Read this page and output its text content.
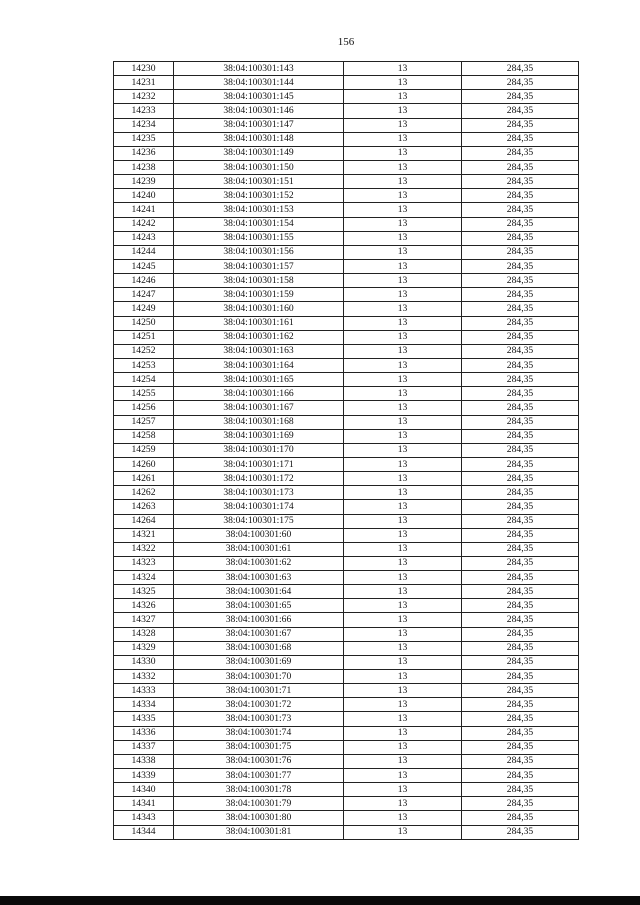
156
14230	38:04:100301:143	13	284,35
14231	38:04:100301:144	13	284,35
14232	38:04:100301:145	13	284,35
14233	38:04:100301:146	13	284,35
14234	38:04:100301:147	13	284,35
14235	38:04:100301:148	13	284,35
14236	38:04:100301:149	13	284,35
14238	38:04:100301:150	13	284,35
14239	38:04:100301:151	13	284,35
14240	38:04:100301:152	13	284,35
14241	38:04:100301:153	13	284,35
14242	38:04:100301:154	13	284,35
14243	38:04:100301:155	13	284,35
14244	38:04:100301:156	13	284,35
14245	38:04:100301:157	13	284,35
14246	38:04:100301:158	13	284,35
14247	38:04:100301:159	13	284,35
14249	38:04:100301:160	13	284,35
14250	38:04:100301:161	13	284,35
14251	38:04:100301:162	13	284,35
14252	38:04:100301:163	13	284,35
14253	38:04:100301:164	13	284,35
14254	38:04:100301:165	13	284,35
14255	38:04:100301:166	13	284,35
14256	38:04:100301:167	13	284,35
14257	38:04:100301:168	13	284,35
14258	38:04:100301:169	13	284,35
14259	38:04:100301:170	13	284,35
14260	38:04:100301:171	13	284,35
14261	38:04:100301:172	13	284,35
14262	38:04:100301:173	13	284,35
14263	38:04:100301:174	13	284,35
14264	38:04:100301:175	13	284,35
14321	38:04:100301:60	13	284,35
14322	38:04:100301:61	13	284,35
14323	38:04:100301:62	13	284,35
14324	38:04:100301:63	13	284,35
14325	38:04:100301:64	13	284,35
14326	38:04:100301:65	13	284,35
14327	38:04:100301:66	13	284,35
14328	38:04:100301:67	13	284,35
14329	38:04:100301:68	13	284,35
14330	38:04:100301:69	13	284,35
14332	38:04:100301:70	13	284,35
14333	38:04:100301:71	13	284,35
14334	38:04:100301:72	13	284,35
14335	38:04:100301:73	13	284,35
14336	38:04:100301:74	13	284,35
14337	38:04:100301:75	13	284,35
14338	38:04:100301:76	13	284,35
14339	38:04:100301:77	13	284,35
14340	38:04:100301:78	13	284,35
14341	38:04:100301:79	13	284,35
14343	38:04:100301:80	13	284,35
14344	38:04:100301:81	13	284,35
